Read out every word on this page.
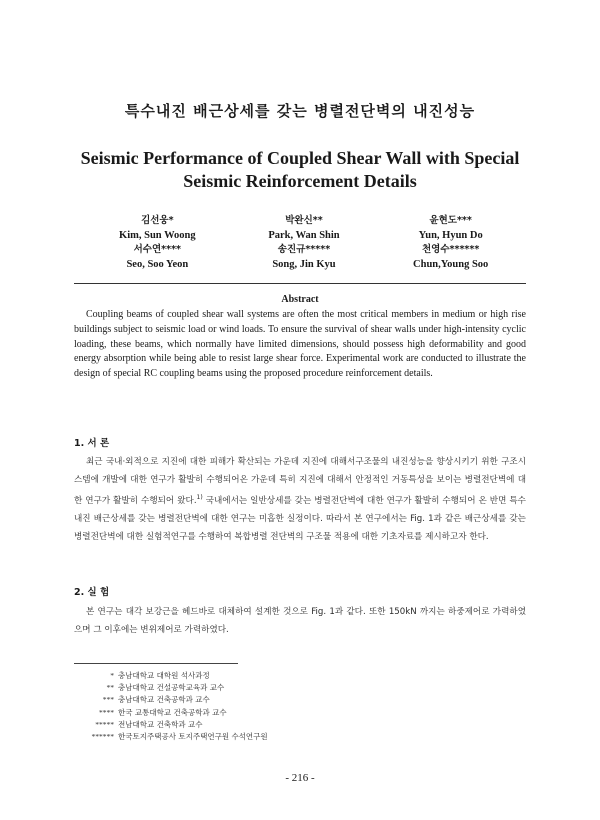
특수내진 배근상세를 갖는 병렬전단벽의 내진성능
Seismic Performance of Coupled Shear Wall with Special
Seismic Reinforcement Details
김선웅*	박완신**	윤현도***
Kim, Sun Woong	Park, Wan Shin	Yun, Hyun Do
서수연****	송진규*****	천영수******
Seo, Soo Yeon	Song, Jin Kyu	Chun,Young Soo
Abstract

Coupling beams of coupled shear wall systems are often the most critical members in medium or high rise buildings subject to seismic load or wind loads. To ensure the survival of shear walls under high-intensity cyclic loading, these beams, which normally have limited dimensions, should possess high deformability and good energy absorption while being able to resist large shear force. Experimental work are conducted to illustrate the design of special RC coupling beams using the proposed procedure reinforcement details.

1. 서 론

최근 국내·외적으로 지진에 대한 피해가 확산되는 가운데 지진에 대해서구조물의 내진성능을 향상시키기 위한 구조시스템에 개발에 대한 연구가 활발히 수행되어온 가운데 특히 지진에 대해서 안정적인 거동특성을 보이는 병렬전단벽에 대한 연구가 활발히 수행되어 왔다.$^{1)}$ 국내에서는 일반상세를 갖는 병렬전단벽에 대한 연구가 활발히 수행되어 온 반면 특수 내진 배근상세를 갖는 병렬전단벽에 대한 연구는 미흡한 실정이다. 따라서 본 연구에서는 Fig. 1과 같은 배근상세를 갖는 병렬전단벽에 대한 실험적연구를 수행하여 복합병렬 전단벽의 구조물 적용에 대한 기초자료를 제시하고자 한다.

2. 실 험

본 연구는 대각 보강근을 헤드바로 대체하여 설계한 것으로 Fig. 1과 같다. 또한 150kN 까지는 하중제어로 가력하였으며 그 이후에는 변위제어로 가력하였다.

* 충남대학교 대학원 석사과정
** 충남대학교 건설공학교육과 교수
*** 충남대학교 건축공학과 교수
**** 한국 교통대학교 건축공학과 교수
***** 전남대학교 건축학과 교수
****** 한국토지주택공사 토지주택연구원 수석연구원
- 216 -
